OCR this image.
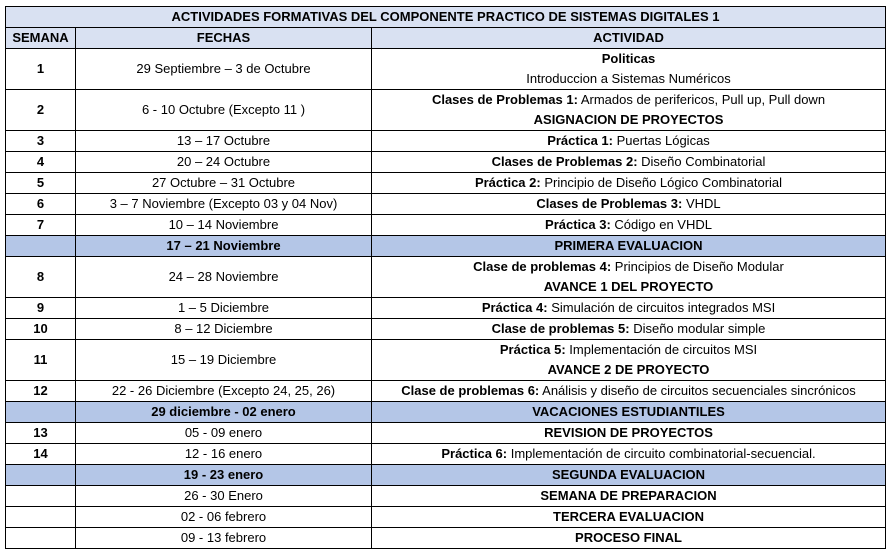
ACTIVIDADES FORMATIVAS DEL COMPONENTE PRACTICO DE SISTEMAS DIGITALES 1		
SEMANA	FECHAS	ACTIVIDAD
1	29 Septiembre – 3 de Octubre	Politicas
Introduccion a Sistemas Numéricos

2	6 - 10 Octubre (Excepto 11 )	Clases de Problemas 1: Armados de perifericos, Pull up, Pull down
ASIGNACION DE PROYECTOS

3	13 – 17 Octubre	Práctica 1: Puertas Lógicas
4	20 – 24 Octubre	Clases de Problemas 2: Diseño Combinatorial
5	27 Octubre – 31 Octubre	Práctica 2: Principio de Diseño Lógico Combinatorial
6	3 – 7 Noviembre (Excepto 03 y 04 Nov)	Clases de Problemas 3: VHDL
7	10 – 14 Noviembre	Práctica 3: Código en VHDL
	17 – 21 Noviembre	PRIMERA EVALUACION
8	24 – 28 Noviembre	Clase de problemas 4: Principios de Diseño Modular
AVANCE 1 DEL PROYECTO

9	1 – 5 Diciembre	Práctica 4: Simulación de circuitos integrados MSI
10	8 – 12 Diciembre	Clase de problemas 5: Diseño modular simple
11	15 – 19 Diciembre	Práctica 5: Implementación de circuitos MSI
AVANCE 2 DE PROYECTO

12	22 - 26 Diciembre (Excepto 24, 25, 26)	Clase de problemas 6: Análisis y diseño de circuitos secuenciales sincrónicos
	29 diciembre - 02 enero	VACACIONES ESTUDIANTILES
13	05 - 09 enero	REVISION DE PROYECTOS
14	12 - 16 enero	Práctica 6: Implementación de circuito combinatorial-secuencial.
	19 - 23 enero	SEGUNDA EVALUACION
	26 - 30 Enero	SEMANA DE PREPARACION
	02 - 06 febrero	TERCERA EVALUACION
	09 - 13 febrero	PROCESO FINAL
